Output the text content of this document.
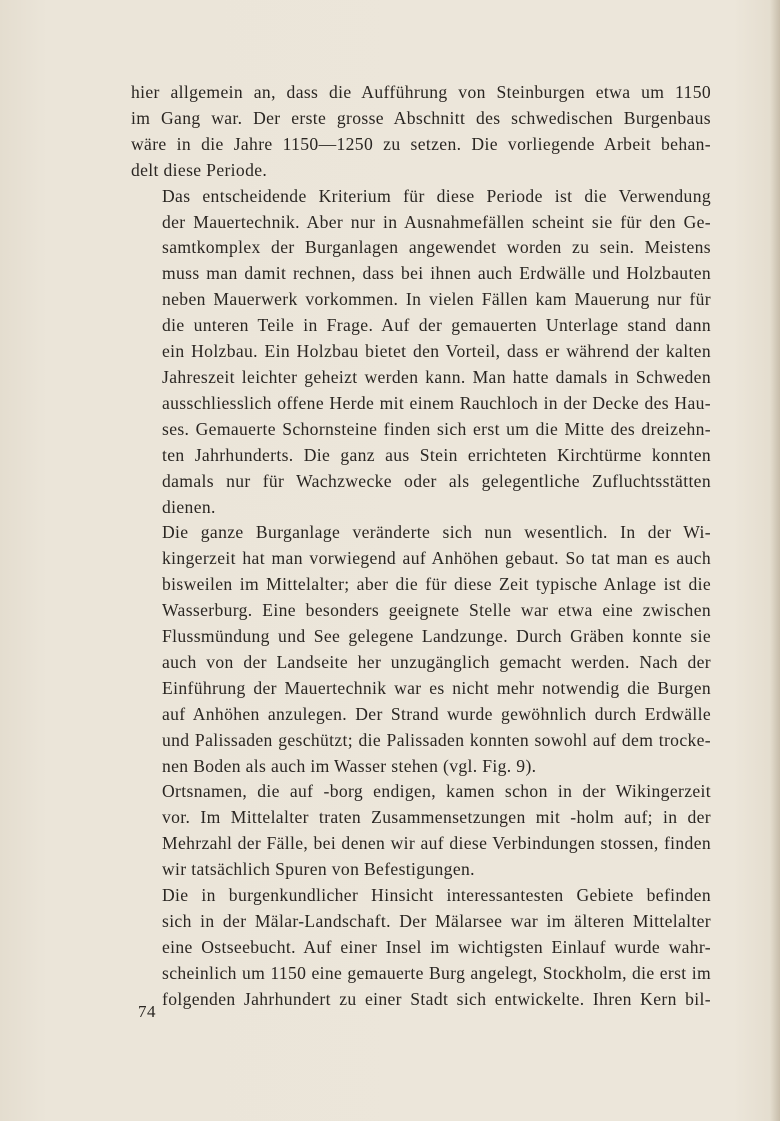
hier allgemein an, dass die Aufführung von Steinburgen etwa um 1150
im Gang war. Der erste grosse Abschnitt des schwedischen Burgenbaus
wäre in die Jahre 1150—1250 zu setzen. Die vorliegende Arbeit behan-
delt diese Periode.

Das entscheidende Kriterium für diese Periode ist die Verwendung
der Mauertechnik. Aber nur in Ausnahmefällen scheint sie für den Ge-
samtkomplex der Burganlagen angewendet worden zu sein. Meistens
muss man damit rechnen, dass bei ihnen auch Erdwälle und Holzbauten
neben Mauerwerk vorkommen. In vielen Fällen kam Mauerung nur für
die unteren Teile in Frage. Auf der gemauerten Unterlage stand dann
ein Holzbau. Ein Holzbau bietet den Vorteil, dass er während der kalten
Jahreszeit leichter geheizt werden kann. Man hatte damals in Schweden
ausschliesslich offene Herde mit einem Rauchloch in der Decke des Hau-
ses. Gemauerte Schornsteine finden sich erst um die Mitte des dreizehn-
ten Jahrhunderts. Die ganz aus Stein errichteten Kirchtürme konnten
damals nur für Wachzwecke oder als gelegentliche Zufluchtsstätten
dienen.

Die ganze Burganlage veränderte sich nun wesentlich. In der Wi-
kingerzeit hat man vorwiegend auf Anhöhen gebaut. So tat man es auch
bisweilen im Mittelalter; aber die für diese Zeit typische Anlage ist die
Wasserburg. Eine besonders geeignete Stelle war etwa eine zwischen
Flussmündung und See gelegene Landzunge. Durch Gräben konnte sie
auch von der Landseite her unzugänglich gemacht werden. Nach der
Einführung der Mauertechnik war es nicht mehr notwendig die Burgen
auf Anhöhen anzulegen. Der Strand wurde gewöhnlich durch Erdwälle
und Palissaden geschützt; die Palissaden konnten sowohl auf dem trocke-
nen Boden als auch im Wasser stehen (vgl. Fig. 9).

Ortsnamen, die auf -borg endigen, kamen schon in der Wikingerzeit
vor. Im Mittelalter traten Zusammensetzungen mit -holm auf; in der
Mehrzahl der Fälle, bei denen wir auf diese Verbindungen stossen, finden
wir tatsächlich Spuren von Befestigungen.

Die in burgenkundlicher Hinsicht interessantesten Gebiete befinden
sich in der Mälar-Landschaft. Der Mälarsee war im älteren Mittelalter
eine Ostseebucht. Auf einer Insel im wichtigsten Einlauf wurde wahr-
scheinlich um 1150 eine gemauerte Burg angelegt, Stockholm, die erst im
folgenden Jahrhundert zu einer Stadt sich entwickelte. Ihren Kern bil-

74
